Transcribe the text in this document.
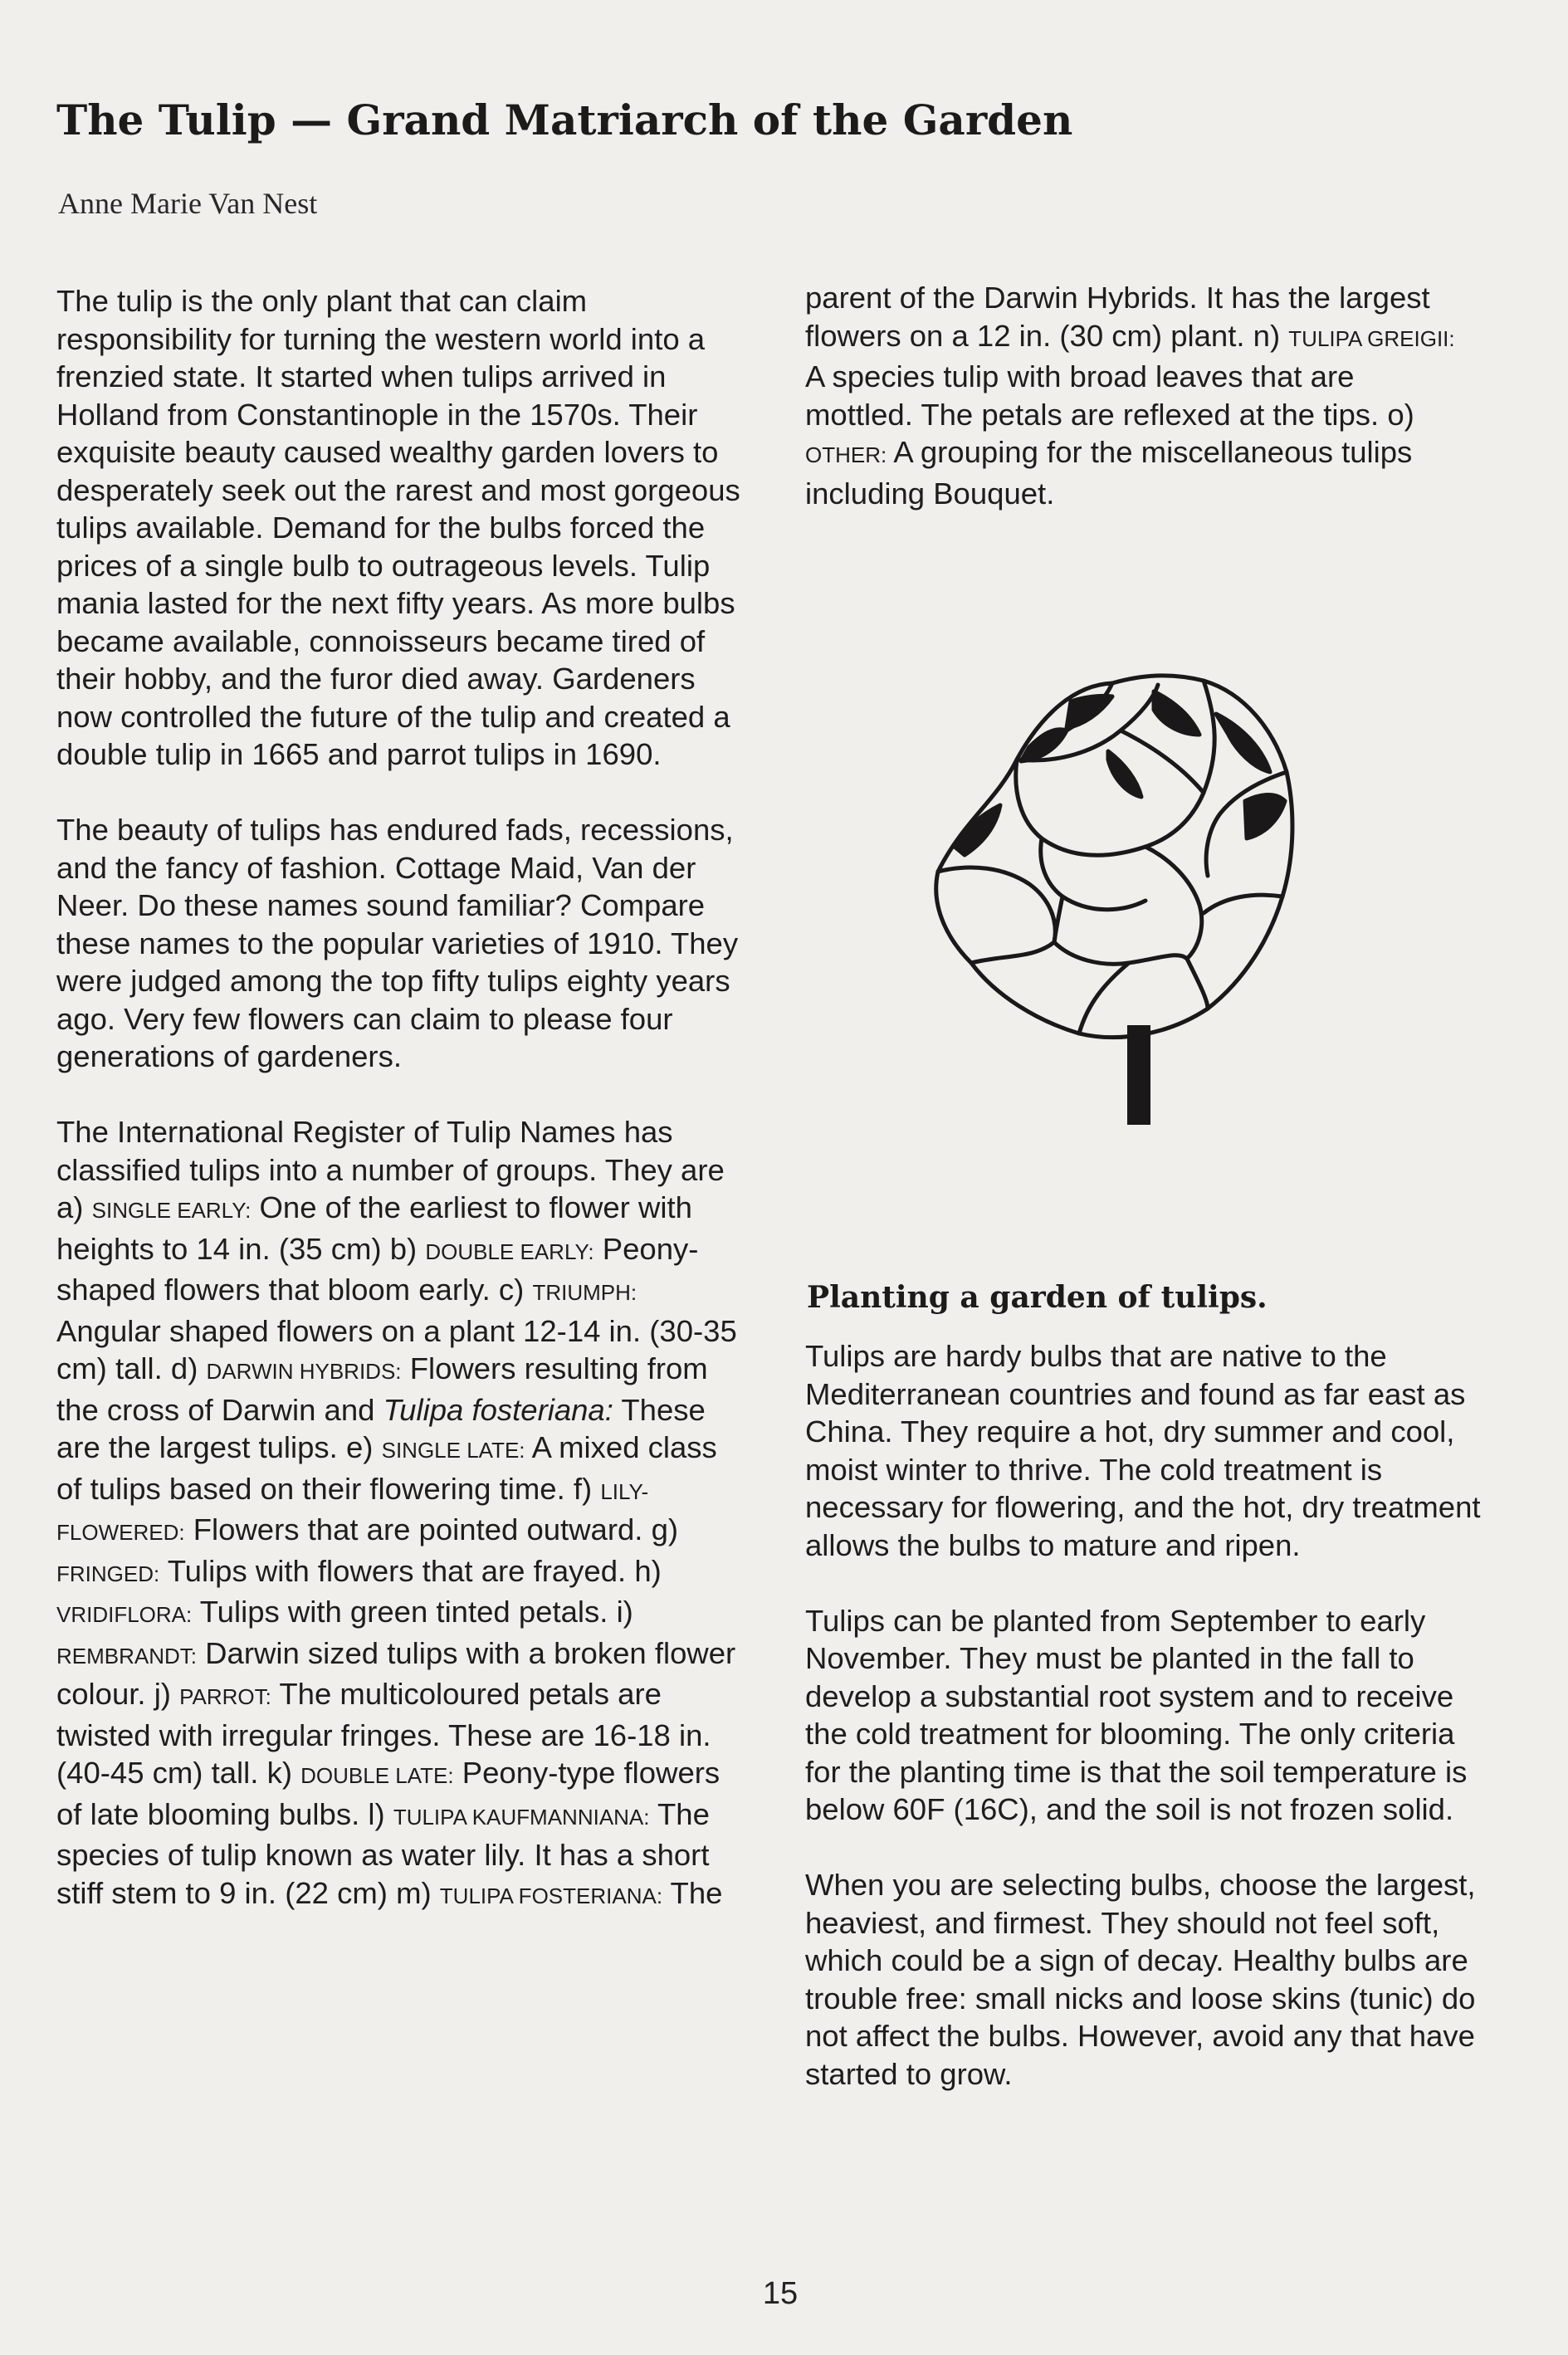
The Tulip — Grand Matriarch of the Garden
Anne Marie Van Nest

The tulip is the only plant that can claim responsibility for turning the western world into a frenzied state. It started when tulips arrived in Holland from Constantinople in the 1570s. Their exquisite beauty caused wealthy garden lovers to desperately seek out the rarest and most gorgeous tulips available. Demand for the bulbs forced the prices of a single bulb to outrageous levels. Tulip mania lasted for the next fifty years. As more bulbs became available, connoisseurs became tired of their hobby, and the furor died away. Gardeners now controlled the future of the tulip and created a double tulip in 1665 and parrot tulips in 1690.

The beauty of tulips has endured fads, recessions, and the fancy of fashion. Cottage Maid, Van der Neer. Do these names sound familiar? Compare these names to the popular varieties of 1910. They were judged among the top fifty tulips eighty years ago. Very few flowers can claim to please four generations of gardeners.

The International Register of Tulip Names has classified tulips into a number of groups. They are  a) SINGLE EARLY: One of the earliest to flower with heights to 14 in. (35 cm) b) DOUBLE EARLY: Peony-shaped flowers that bloom early. c) TRIUMPH: Angular shaped flowers on a plant 12-14 in. (30-35 cm) tall. d) DARWIN HYBRIDS: Flowers resulting from the cross of Darwin and Tulipa fosteriana: These are the largest tulips. e) SINGLE LATE: A mixed class of tulips based on their flowering time. f) LILY-FLOWERED: Flowers that are pointed outward. g) FRINGED: Tulips with flowers that are frayed. h) VRIDIFLORA: Tulips with green tinted petals. i) REMBRANDT: Darwin sized tulips with a broken flower colour. j) PARROT: The multicoloured petals are twisted with irregular fringes. These are 16-18 in. (40-45 cm) tall. k) DOUBLE LATE: Peony-type flowers of late blooming bulbs. l) TULIPA KAUFMANNIANA: The species of tulip known as water lily. It has a short stiff stem to 9 in. (22 cm) m) TULIPA FOSTERIANA: The

parent of the Darwin Hybrids. It has the largest flowers on a 12 in. (30 cm) plant. n) TULIPA GREIGII: A species tulip with broad leaves that are mottled. The petals are reflexed at the tips. o) OTHER: A grouping for the miscellaneous tulips including Bouquet.

Planting a garden of tulips.

Tulips are hardy bulbs that are native to the Mediterranean countries and found as far east as China. They require a hot, dry summer and cool, moist winter to thrive. The cold treatment is necessary for flowering, and the hot, dry treatment allows the bulbs to mature and ripen.

Tulips can be planted from September to early November. They must be planted in the fall to develop a substantial root system and to receive the cold treatment for blooming. The only criteria for the planting time is that the soil temperature is below 60F (16C), and the soil is not frozen solid.

When you are selecting bulbs, choose the largest, heaviest, and firmest. They should not feel soft, which could be a sign of decay. Healthy bulbs are trouble free: small nicks and loose skins (tunic) do not affect the bulbs. However, avoid any that have started to grow.

15
